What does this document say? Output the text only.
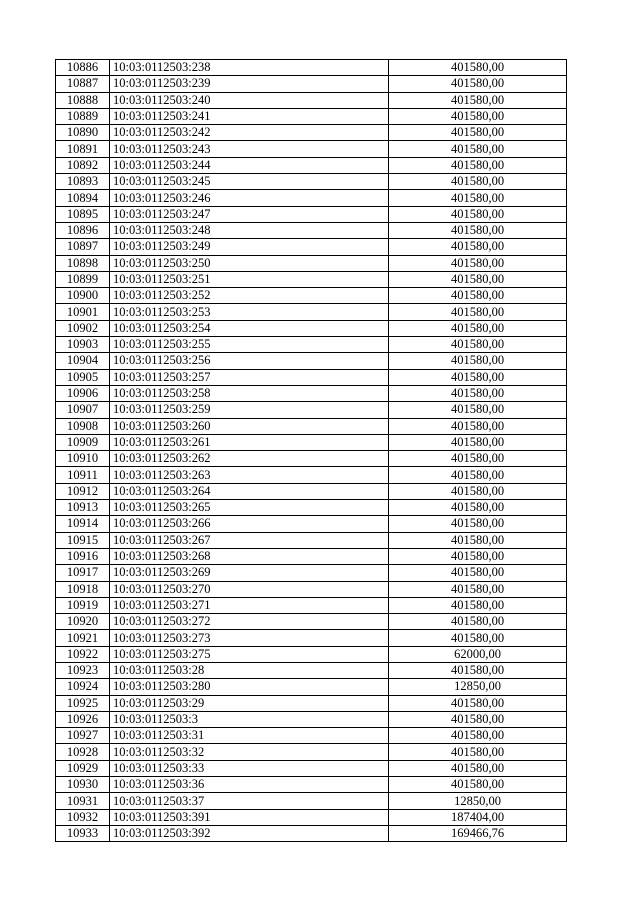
10886	10:03:0112503:238	401580,00
10887	10:03:0112503:239	401580,00
10888	10:03:0112503:240	401580,00
10889	10:03:0112503:241	401580,00
10890	10:03:0112503:242	401580,00
10891	10:03:0112503:243	401580,00
10892	10:03:0112503:244	401580,00
10893	10:03:0112503:245	401580,00
10894	10:03:0112503:246	401580,00
10895	10:03:0112503:247	401580,00
10896	10:03:0112503:248	401580,00
10897	10:03:0112503:249	401580,00
10898	10:03:0112503:250	401580,00
10899	10:03:0112503:251	401580,00
10900	10:03:0112503:252	401580,00
10901	10:03:0112503:253	401580,00
10902	10:03:0112503:254	401580,00
10903	10:03:0112503:255	401580,00
10904	10:03:0112503:256	401580,00
10905	10:03:0112503:257	401580,00
10906	10:03:0112503:258	401580,00
10907	10:03:0112503:259	401580,00
10908	10:03:0112503:260	401580,00
10909	10:03:0112503:261	401580,00
10910	10:03:0112503:262	401580,00
10911	10:03:0112503:263	401580,00
10912	10:03:0112503:264	401580,00
10913	10:03:0112503:265	401580,00
10914	10:03:0112503:266	401580,00
10915	10:03:0112503:267	401580,00
10916	10:03:0112503:268	401580,00
10917	10:03:0112503:269	401580,00
10918	10:03:0112503:270	401580,00
10919	10:03:0112503:271	401580,00
10920	10:03:0112503:272	401580,00
10921	10:03:0112503:273	401580,00
10922	10:03:0112503:275	62000,00
10923	10:03:0112503:28	401580,00
10924	10:03:0112503:280	12850,00
10925	10:03:0112503:29	401580,00
10926	10:03:0112503:3	401580,00
10927	10:03:0112503:31	401580,00
10928	10:03:0112503:32	401580,00
10929	10:03:0112503:33	401580,00
10930	10:03:0112503:36	401580,00
10931	10:03:0112503:37	12850,00
10932	10:03:0112503:391	187404,00
10933	10:03:0112503:392	169466,76
